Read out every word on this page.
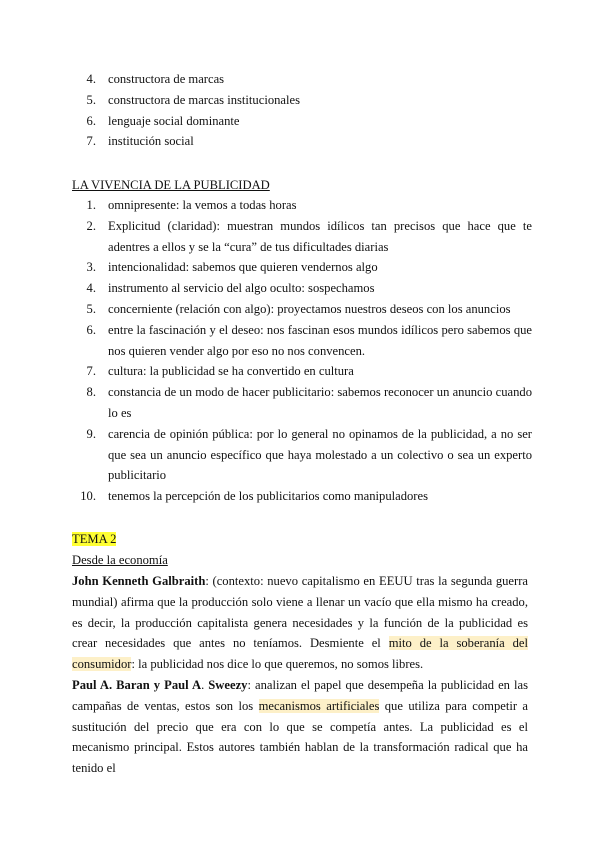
4. constructora de marcas
5. constructora de marcas institucionales
6. lenguaje social dominante
7. institución social
LA VIVENCIA DE LA PUBLICIDAD
1. omnipresente: la vemos a todas horas
2. Explicitud (claridad): muestran mundos idílicos tan precisos que hace que te adentres a ellos y se la “cura” de tus dificultades diarias
3. intencionalidad: sabemos que quieren vendernos algo
4. instrumento al servicio del algo oculto: sospechamos
5. concerniente (relación con algo): proyectamos nuestros deseos con los anuncios
6. entre la fascinación y el deseo: nos fascinan esos mundos idílicos pero sabemos que nos quieren vender algo por eso no nos convencen.
7. cultura: la publicidad se ha convertido en cultura
8. constancia de un modo de hacer publicitario: sabemos reconocer un anuncio cuando lo es
9. carencia de opinión pública: por lo general no opinamos de la publicidad, a no ser que sea un anuncio específico que haya molestado a un colectivo o sea un experto publicitario
10. tenemos la percepción de los publicitarios como manipuladores
TEMA 2
Desde la economía
John Kenneth Galbraith: (contexto: nuevo capitalismo en EEUU tras la segunda guerra mundial) afirma que la producción solo viene a llenar un vacío que ella mismo ha creado, es decir, la producción capitalista genera necesidades y la función de la publicidad es crear necesidades que antes no teníamos. Desmiente el mito de la soberanía del consumidor: la publicidad nos dice lo que queremos, no somos libres.
Paul A. Baran y Paul A. Sweezy: analizan el papel que desempeña la publicidad en las campañas de ventas, estos son los mecanismos artificiales que utiliza para competir a sustitución del precio que era con lo que se competía antes. La publicidad es el mecanismo principal. Estos autores también hablan de la transformación radical que ha tenido el
